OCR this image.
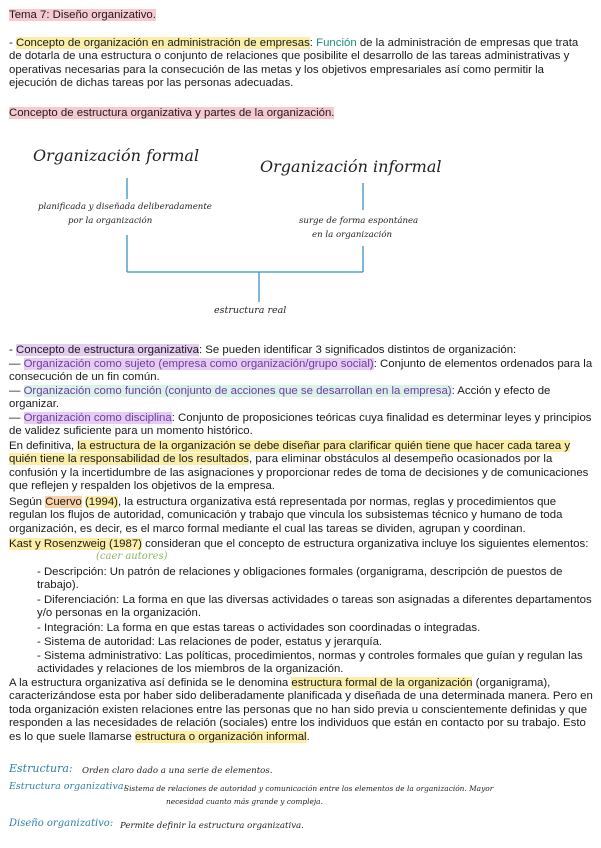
Tema 7: Diseño organizativo.

- Concepto de organización en administración de empresas: Función de la administración de empresas que trata de dotarla de una estructura o conjunto de relaciones que posibilite el desarrollo de las tareas administrativas y operativas necesarias para la consecución de las metas y los objetivos empresariales así como permitir la ejecución de dichas tareas por las personas adecuadas.

Concepto de estructura organizativa y partes de la organización.

Organización formal
planificada y diseñada deliberadamente
por la organización
Organización informal
surge de forma espontánea
en la organización
estructura real

- Concepto de estructura organizativa: Se pueden identificar 3 significados distintos de organización:

— Organización como sujeto (empresa como organización/grupo social): Conjunto de elementos ordenados para la consecución de un fin común.

— Organización como función (conjunto de acciones que se desarrollan en la empresa): Acción y efecto de organizar.

— Organización como disciplina: Conjunto de proposiciones teóricas cuya finalidad es determinar leyes y principios de validez suficiente para un momento histórico.

En definitiva, la estructura de la organización se debe diseñar para clarificar quién tiene que hacer cada tarea y quién tiene la responsabilidad de los resultados, para eliminar obstáculos al desempeño ocasionados por la confusión y la incertidumbre de las asignaciones y proporcionar redes de toma de decisiones y de comunicaciones que reflejen y respalden los objetivos de la empresa.

Según Cuervo (1994), la estructura organizativa está representada por normas, reglas y procedimientos que regulan los flujos de autoridad, comunicación y trabajo que vincula los subsistemas técnico y humano de toda organización, es decir, es el marco formal mediante el cual las tareas se dividen, agrupan y coordinan.

Kast y Rosenzweig (1987) consideran que el concepto de estructura organizativa incluye los siguientes elementos:

(caer autores)

- Descripción: Un patrón de relaciones y obligaciones formales (organigrama, descripción de puestos de trabajo).

- Diferenciación: La forma en que las diversas actividades o tareas son asignadas a diferentes departamentos y/o personas en la organización.

- Integración: La forma en que estas tareas o actividades son coordinadas o integradas.

- Sistema de autoridad: Las relaciones de poder, estatus y jerarquía.

- Sistema administrativo: Las políticas, procedimientos, normas y controles formales que guían y regulan las actividades y relaciones de los miembros de la organización.

A la estructura organizativa así definida se le denomina estructura formal de la organización (organigrama), caracterizándose esta por haber sido deliberadamente planificada y diseñada de una determinada manera. Pero en toda organización existen relaciones entre las personas que no han sido previa u conscientemente definidas y que responden a las necesidades de relación (sociales) entre los individuos que están en contacto por su trabajo. Esto es lo que suele llamarse estructura o organización informal.

Estructura: Orden claro dado a una serie de elementos.
Estructura organizativa:
Sistema de relaciones de autoridad y comunicación entre los elementos de la organización. Mayor
necesidad cuanto más grande y compleja.
Diseño organizativo: Permite definir la estructura organizativa.
